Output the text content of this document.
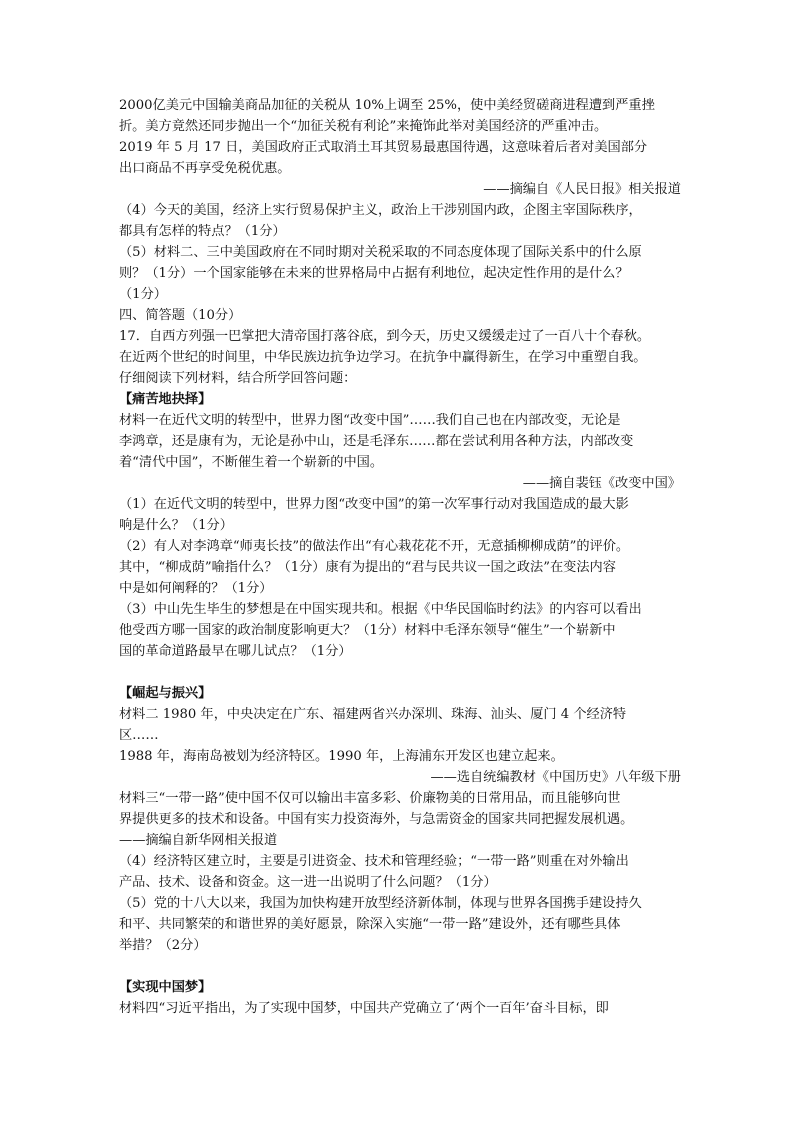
2000亿美元中国输美商品加征的关税从 10%上调至 25%，使中美经贸磋商进程遭到严重挫
折。美方竟然还同步抛出一个“加征关税有利论”来掩饰此举对美国经济的严重冲击。
2019 年 5 月 17 日，美国政府正式取消土耳其贸易最惠国待遇，这意味着后者对美国部分
出口商品不再享受免税优惠。
——摘编自《人民日报》相关报道
（4）今天的美国，经济上实行贸易保护主义，政治上干涉别国内政，企图主宰国际秩序，
都具有怎样的特点？（1分）
（5）材料二、三中美国政府在不同时期对关税采取的不同态度体现了国际关系中的什么原
则？（1分）一个国家能够在未来的世界格局中占据有利地位，起决定性作用的是什么？
（1分）
四、简答题（10分）
17．自西方列强一巴掌把大清帝国打落谷底，到今天，历史又缓缓走过了一百八十个春秋。
在近两个世纪的时间里，中华民族边抗争边学习。在抗争中赢得新生，在学习中重塑自我。
仔细阅读下列材料，结合所学回答问题：
【痛苦地抉择】
材料一在近代文明的转型中，世界力图“改变中国”……我们自己也在内部改变，无论是
李鸿章，还是康有为，无论是孙中山，还是毛泽东……都在尝试利用各种方法，内部改变
着“清代中国”，不断催生着一个崭新的中国。
——摘自裴钰《改变中国》
（1）在近代文明的转型中，世界力图“改变中国”的第一次军事行动对我国造成的最大影
响是什么？（1分）
（2）有人对李鸿章“师夷长技”的做法作出“有心栽花花不开，无意插柳柳成荫”的评价。
其中，“柳成荫”喻指什么？（1分）康有为提出的“君与民共议一国之政法”在变法内容
中是如何阐释的？（1分）
（3）中山先生毕生的梦想是在中国实现共和。根据《中华民国临时约法》的内容可以看出
他受西方哪一国家的政治制度影响更大？（1分）材料中毛泽东领导“催生”一个崭新中
国的革命道路最早在哪儿试点？（1分）
【崛起与振兴】
材料二 1980 年，中央决定在广东、福建两省兴办深圳、珠海、汕头、厦门 4 个经济特
区……
1988 年，海南岛被划为经济特区。1990 年，上海浦东开发区也建立起来。
——选自统编教材《中国历史》八年级下册
材料三“一带一路”使中国不仅可以输出丰富多彩、价廉物美的日常用品，而且能够向世
界提供更多的技术和设备。中国有实力投资海外，与急需资金的国家共同把握发展机遇。
——摘编自新华网相关报道
（4）经济特区建立时，主要是引进资金、技术和管理经验；“一带一路”则重在对外输出
产品、技术、设备和资金。这一进一出说明了什么问题？（1分）
（5）党的十八大以来，我国为加快构建开放型经济新体制，体现与世界各国携手建设持久
和平、共同繁荣的和谐世界的美好愿景，除深入实施“一带一路”建设外，还有哪些具体
举措？（2分）
【实现中国梦】
材料四“习近平指出，为了实现中国梦，中国共产党确立了‘两个一百年’奋斗目标，即
